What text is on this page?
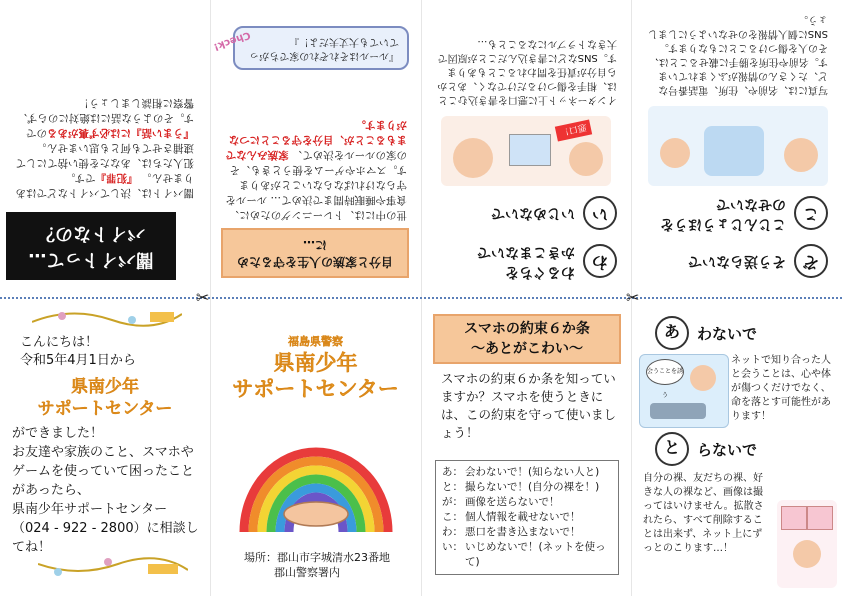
✂	✂
闇バイトって…
バイトなの？
闇バイトは、決してバイトなどではありません。 『犯罪』です。
犯人たちは、あなたを使い捨てにして逮捕させても何とも思いません。
『うまい話』には必ず裏があるのです。そのような話には絶対にのらず、警察に相談しましょう！
自分と家族の人生を守るために…
世の中には、トレーニングのために、食事や睡眠時間まで決めて… ルールを守らなければならないことがあります。スマホやゲームを使うときも、その家のルールを決めて、 家族みんなでまもることが、自分を守ることにつながります。
『ルールはそれぞれの家でちがっていても大丈夫だよ！』
Check!
わ
わるぐちを
かきこまないで
い
いじめないで
悪口！
インターネット上に悪口を書き込むことは、相手を傷つけるだけでなく、あとから自分が責任を問われることもあります。SNSなどに書き込んだことが原因で大きなトラブルになることも…
ぞ
そう送らないで
こ
こじんじょうほうを
のせないで
写真には、名前や、住所、電話番号など、たくさんの情報がふくまれています。名前や住所を勝手に載せることは、その人を傷つけることにもなります。SNSに個人情報をのせないようにしましょう。
こんにちは！
令和5年4月1日から
県南少年
サポートセンター
ができました！
お友達や家族のこと、スマホやゲームを使っていて困ったことがあったら、
県南少年サポートセンター
（024 - 922 - 2800）に相談してね！
福島県警察
県南少年
サポートセンター
場所：郡山市字城清水23番地
郡山警察署内
スマホの約束６か条
～あとがこわい～
スマホの約束６か条を知っていますか？スマホを使うときには、この約束を守って使いましょう！
あ：	会わないで！(知らない人と)
と：	撮らないで！(自分の裸を！)
が：	画像を送らないで！
こ：	個人情報を載せないで！
わ：	悪口を書き込まないで！
い：	いじめないで！(ネットを使って)
あ	わないで
会うことを誘う
ネットで知り合った人と会うことは、心や体が傷つくだけでなく、命を落とす可能性があります！
と	らないで
自分の裸、友だちの裸、好きな人の裸など、画像は撮ってはいけません。拡散されたら、すべて削除することは出来ず、ネット上にずっとのこります…！
